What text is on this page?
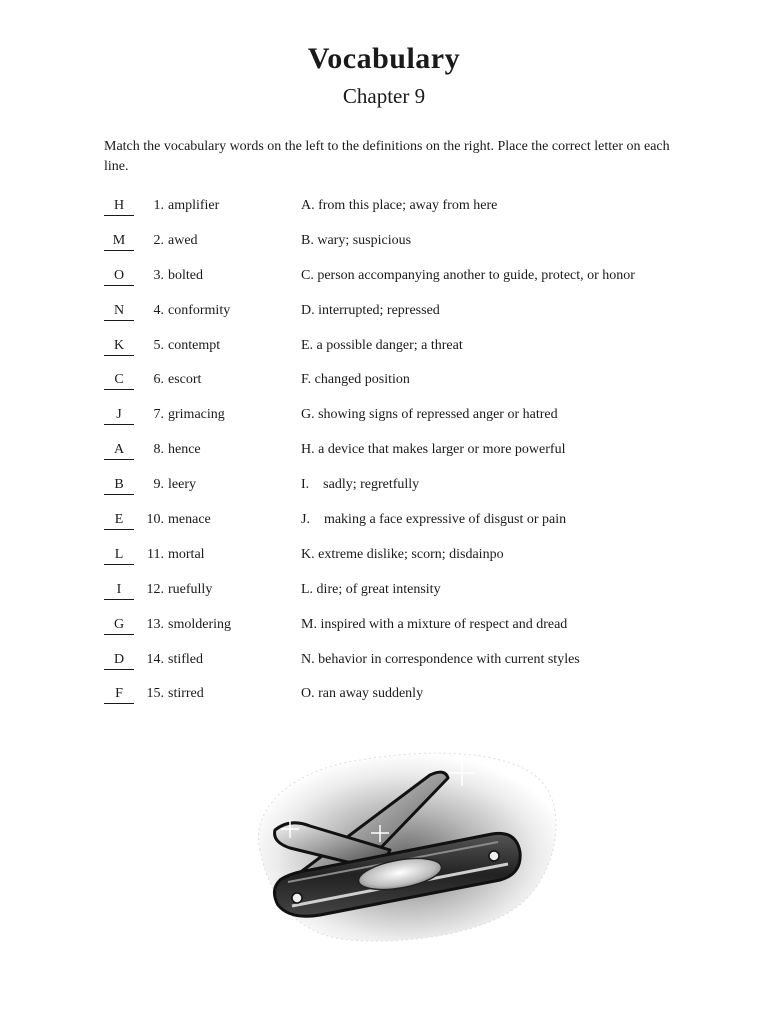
Vocabulary
Chapter 9
Match the vocabulary words on the left to the definitions on the right. Place the correct letter on each line.
H	1. amplifier	A. from this place; away from here
M	2. awed	B. wary; suspicious
O	3. bolted	C. person accompanying another to guide, protect, or honor
N	4. conformity	D. interrupted; repressed
K	5. contempt	E. a possible danger; a threat
C	6. escort	F. changed position
J	7. grimacing	G. showing signs of repressed anger or hatred
A	8. hence	H. a device that makes larger or more powerful
B	9. leery	I.    sadly; regretfully
E	10. menace	J.    making a face expressive of disgust or pain
L	11. mortal	K. extreme dislike; scorn; disdainpo
I	12. ruefully	L. dire; of great intensity
G	13. smoldering	M. inspired with a mixture of respect and dread
D	14. stifled	N. behavior in correspondence with current styles
F	15. stirred	O. ran away suddenly
